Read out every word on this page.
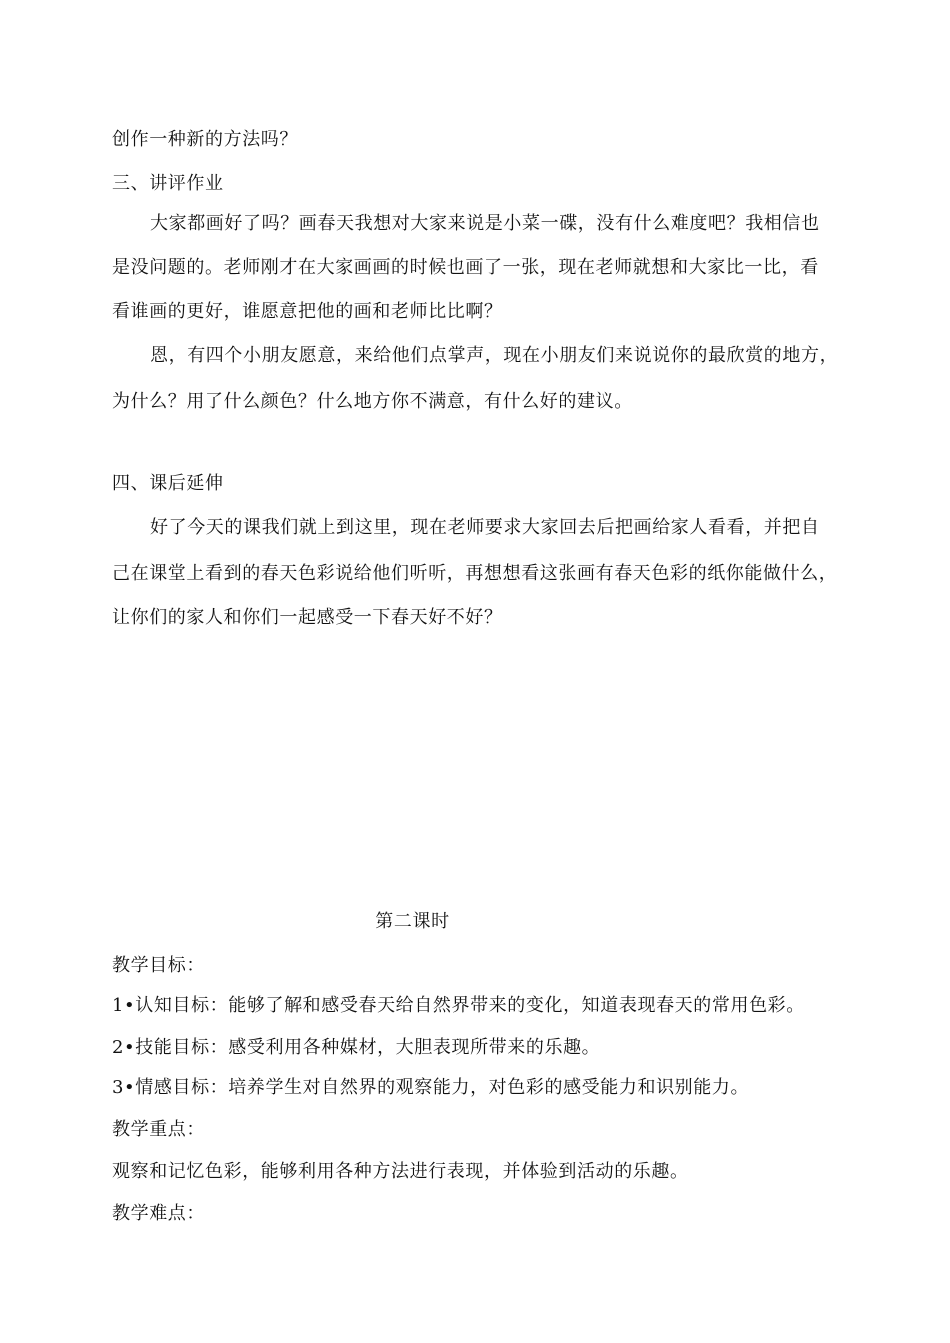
创作一种新的方法吗？
三、讲评作业
大家都画好了吗？画春天我想对大家来说是小菜一碟，没有什么难度吧？我相信也
是没问题的。老师刚才在大家画画的时候也画了一张，现在老师就想和大家比一比，看
看谁画的更好，谁愿意把他的画和老师比比啊？
恩，有四个小朋友愿意，来给他们点掌声，现在小朋友们来说说你的最欣赏的地方，
为什么？用了什么颜色？什么地方你不满意，有什么好的建议。
四、课后延伸
好了今天的课我们就上到这里，现在老师要求大家回去后把画给家人看看，并把自
己在课堂上看到的春天色彩说给他们听听，再想想看这张画有春天色彩的纸你能做什么，
让你们的家人和你们一起感受一下春天好不好？
第二课时
教学目标：
1•认知目标：能够了解和感受春天给自然界带来的变化，知道表现春天的常用色彩。
2•技能目标：感受利用各种媒材，大胆表现所带来的乐趣。
3•情感目标：培养学生对自然界的观察能力，对色彩的感受能力和识别能力。
教学重点：
观察和记忆色彩，能够利用各种方法进行表现，并体验到活动的乐趣。
教学难点：
